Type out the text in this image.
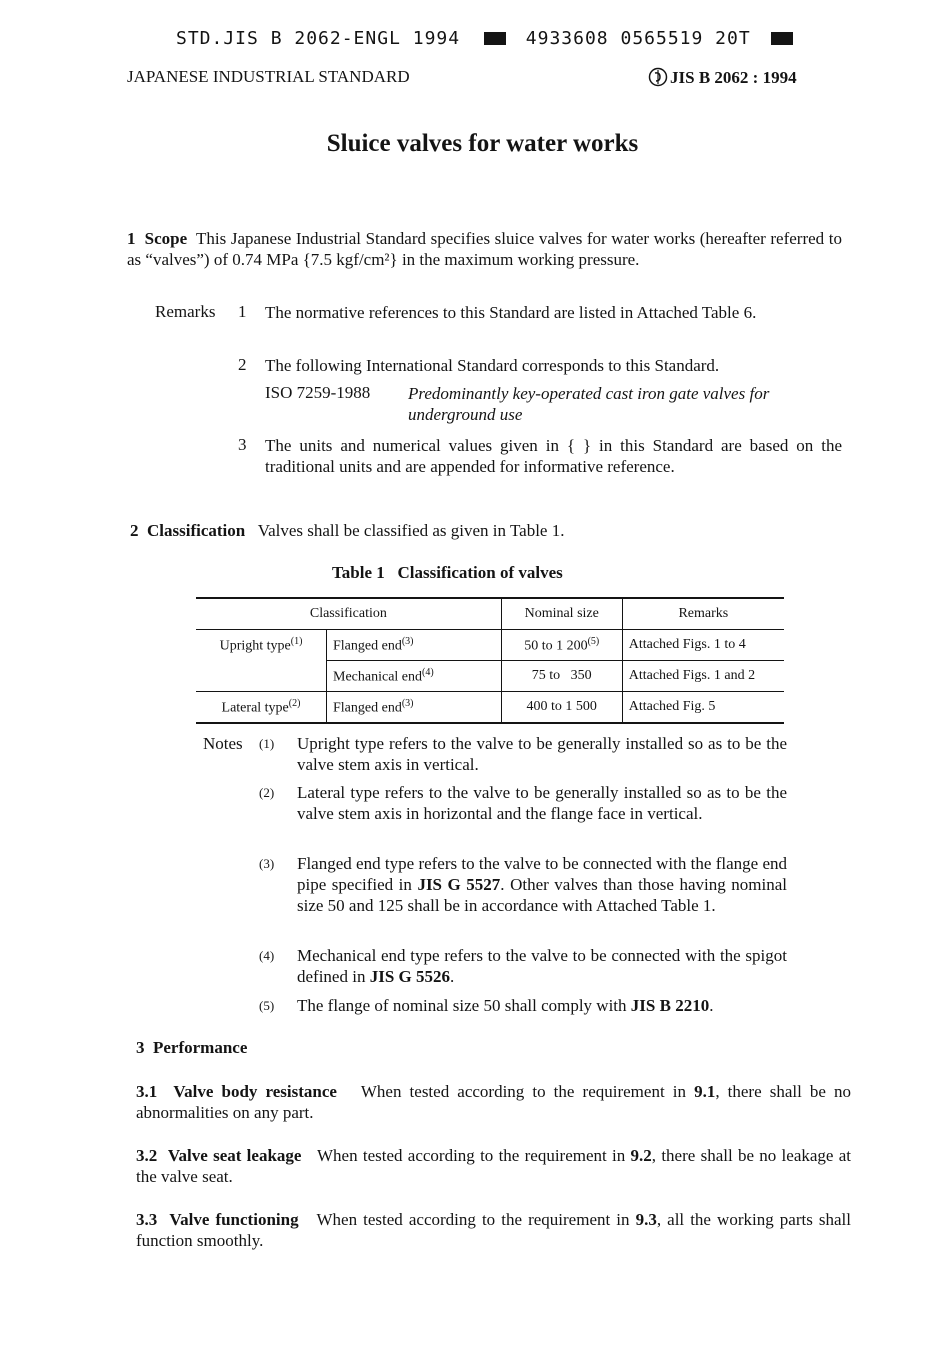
STD.JIS B 2062-ENGL 1994	4933608 0565519 20T
JAPANESE INDUSTRIAL STANDARD	JIS B 2062 : 1994
Sluice valves for water works

1 Scope This Japanese Industrial Standard specifies sluice valves for water works (hereafter referred to as “valves”) of 0.74 MPa {7.5 kgf/cm²} in the maximum working pressure.

Remarks 1 The normative references to this Standard are listed in Attached Table 6.

2 The following International Standard corresponds to this Standard.

ISO 7259-1988 Predominantly key-operated cast iron gate valves for underground use

3 The units and numerical values given in { } in this Standard are based on the traditional units and are appended for informative reference.

2 Classification Valves shall be classified as given in Table 1.

Table 1 Classification of valves
Classification		Nominal size	Remarks
Upright type$^{(1)}$	Flanged end$^{(3)}$	50 to 1 200$^{(5)}$	Attached Figs. 1 to 4
	Mechanical end$^{(4)}$	75 to   350	Attached Figs. 1 and 2
Lateral type$^{(2)}$	Flanged end$^{(3)}$	400 to 1 500	Attached Fig. 5
Notes (1) Upright type refers to the valve to be generally installed so as to be the valve stem axis in vertical.
(2) Lateral type refers to the valve to be generally installed so as to be the valve stem axis in horizontal and the flange face in vertical.
(3) Flanged end type refers to the valve to be connected with the flange end pipe specified in JIS G 5527. Other valves than those having nominal size 50 and 125 shall be in accordance with Attached Table 1.
(4) Mechanical end type refers to the valve to be connected with the spigot defined in JIS G 5526.
(5) The flange of nominal size 50 shall comply with JIS B 2210.

3 Performance

3.1 Valve body resistance When tested according to the requirement in 9.1, there shall be no abnormalities on any part.

3.2 Valve seat leakage When tested according to the requirement in 9.2, there shall be no leakage at the valve seat.

3.3 Valve functioning When tested according to the requirement in 9.3, all the working parts shall function smoothly.
